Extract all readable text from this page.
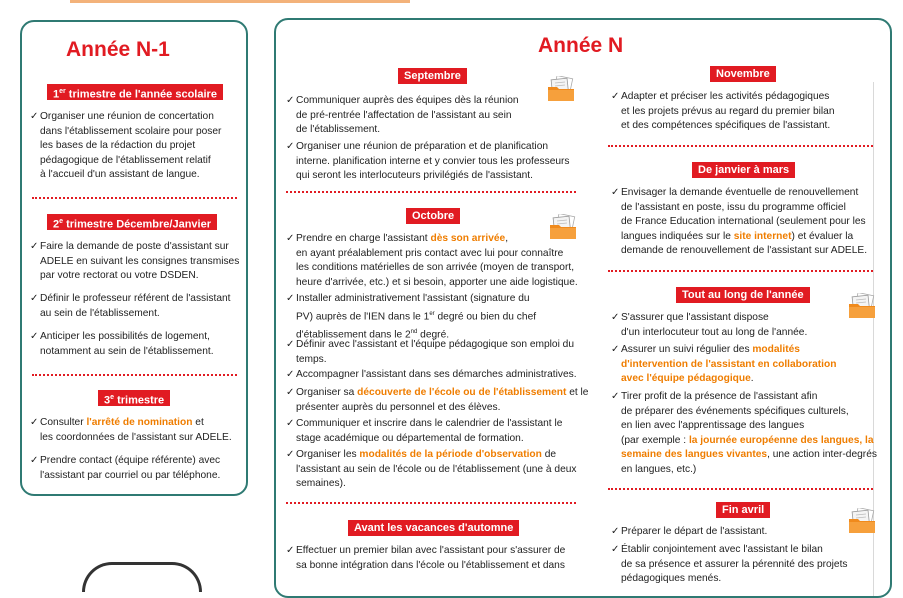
Année N-1
1er trimestre de l'année scolaire
✓ Organiser une réunion de concertation
dans l'établissement scolaire pour poser
les bases de la rédaction du projet
pédagogique de l'établissement relatif
à l'accueil d'un assistant de langue.
2e trimestre Décembre/Janvier
✓ Faire la demande de poste d'assistant sur
ADELE en suivant les consignes transmises
par votre rectorat ou votre DSDEN.
✓ Définir le professeur référent de l'assistant
au sein de l'établissement.
✓ Anticiper les possibilités de logement,
notamment au sein de l'établissement.
3e trimestre
✓ Consulter l'arrêté de nomination et
les coordonnées de l'assistant sur ADELE.
✓ Prendre contact (équipe référente) avec
l'assistant par courriel ou par téléphone.
Année N
Septembre
✓ Communiquer auprès des équipes dès la réunion
de pré-rentrée l'affectation de l'assistant au sein
de l'établissement.
✓ Organiser une réunion de préparation et de planification
interne. planification interne et y convier tous les professeurs
qui seront les interlocuteurs privilégiés de l'assistant.
Octobre
✓ Prendre en charge l'assistant dès son arrivée,
en ayant préalablement pris contact avec lui pour connaître
les conditions matérielles de son arrivée (moyen de transport,
heure d'arrivée, etc.) et si besoin, apporter une aide logistique.
✓ Installer administrativement l'assistant (signature du
PV) auprès de l'IEN dans le 1er degré ou bien du chef
d'établissement dans le 2nd degré.
✓ Définir avec l'assistant et l'équipe pédagogique son emploi du
temps.
✓ Accompagner l'assistant dans ses démarches administratives.
✓ Organiser sa découverte de l'école ou de l'établissement et le
présenter auprès du personnel et des élèves.
✓ Communiquer et inscrire dans le calendrier de l'assistant le
stage académique ou départemental de formation.
✓ Organiser les modalités de la période d'observation de
l'assistant au sein de l'école ou de l'établissement (une à deux
semaines).
Avant les vacances d'automne
✓ Effectuer un premier bilan avec l'assistant pour s'assurer de
sa bonne intégration dans l'école ou l'établissement et dans
Novembre
✓ Adapter et préciser les activités pédagogiques
et les projets prévus au regard du premier bilan
et des compétences spécifiques de l'assistant.
De janvier à mars
✓ Envisager la demande éventuelle de renouvellement
de l'assistant en poste, issu du programme officiel
de France Education international (seulement pour les
langues indiquées sur le site internet) et évaluer la
demande de renouvellement de l'assistant sur ADELE.
Tout au long de l'année
✓ S'assurer que l'assistant dispose
d'un interlocuteur tout au long de l'année.
✓ Assurer un suivi régulier des modalités
d'intervention de l'assistant en collaboration
avec l'équipe pédagogique.
✓ Tirer profit de la présence de l'assistant afin
de préparer des événements spécifiques culturels,
en lien avec l'apprentissage des langues
(par exemple : la journée européenne des langues, la
semaine des langues vivantes, une action inter-degrés
en langues, etc.)
Fin avril
✓ Préparer le départ de l'assistant.
✓ Établir conjointement avec l'assistant le bilan
de sa présence et assurer la pérennité des projets
pédagogiques menés.
